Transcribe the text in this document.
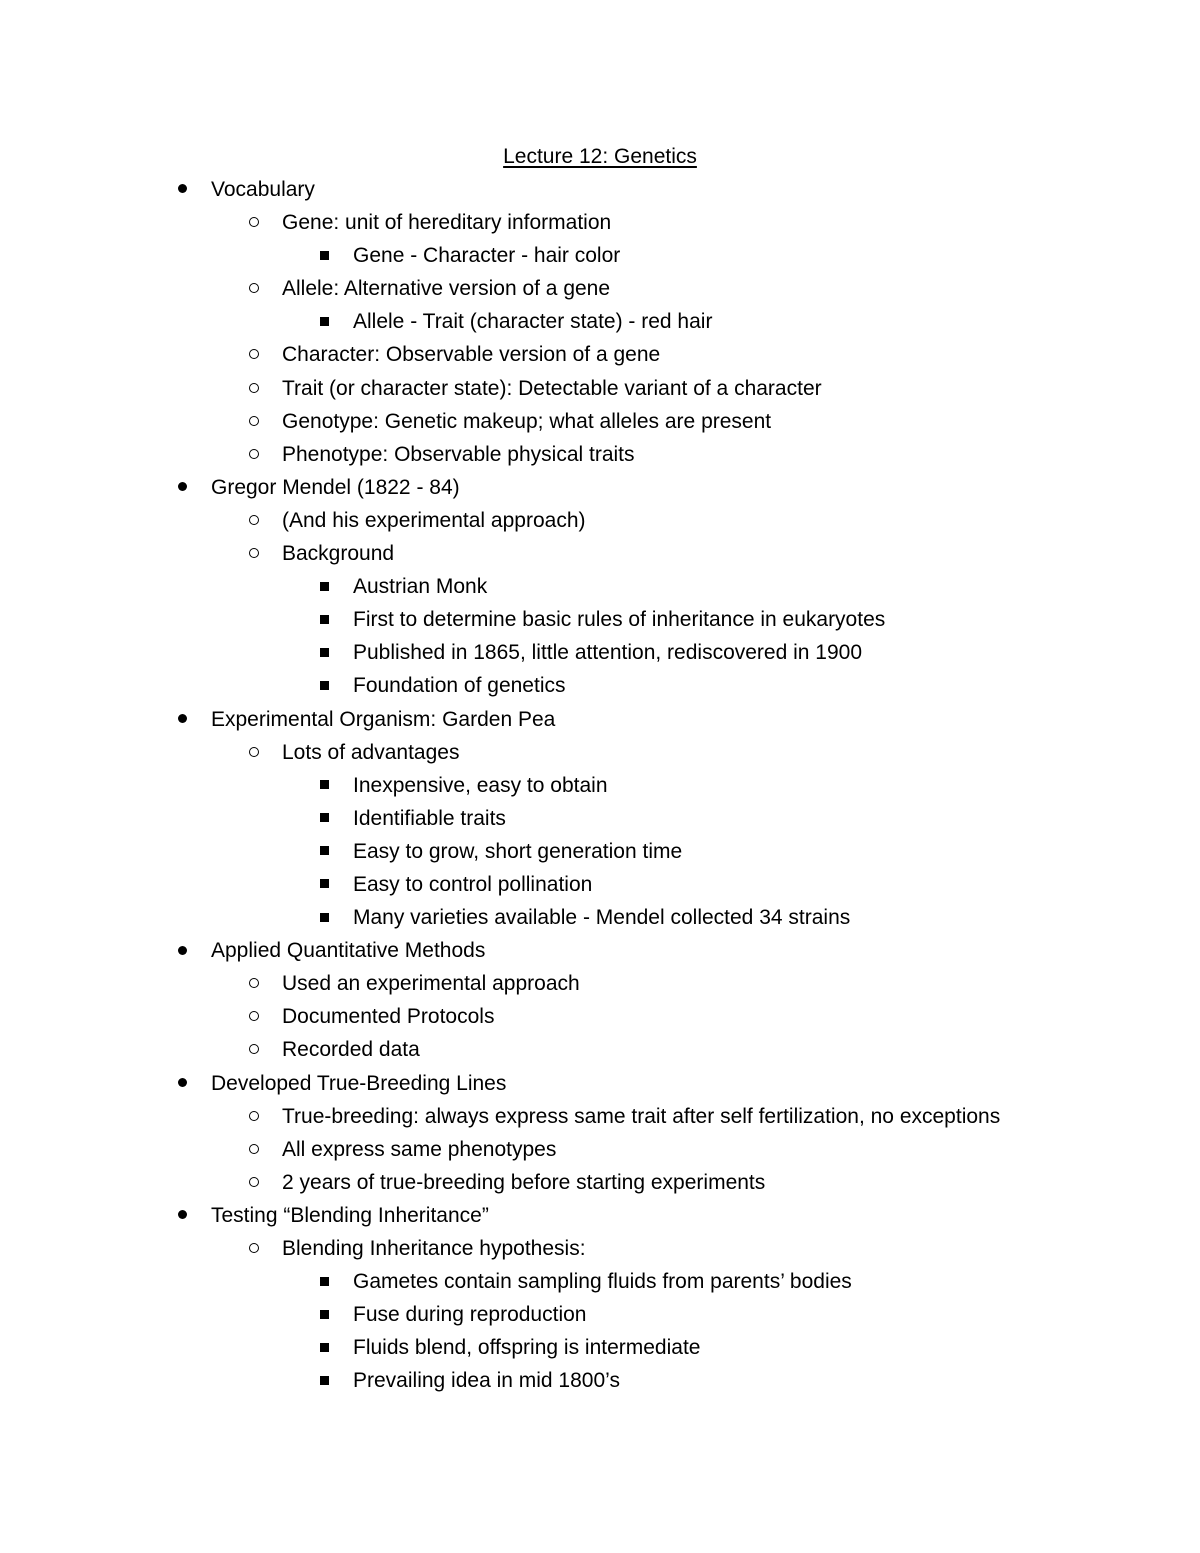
Lecture 12: Genetics
Vocabulary
Gene: unit of hereditary information
Gene - Character - hair color
Allele: Alternative version of a gene
Allele - Trait (character state) - red hair
Character: Observable version of a gene
Trait (or character state): Detectable variant of a character
Genotype: Genetic makeup; what alleles are present
Phenotype: Observable physical traits
Gregor Mendel (1822 - 84)
(And his experimental approach)
Background
Austrian Monk
First to determine basic rules of inheritance in eukaryotes
Published in 1865, little attention, rediscovered in 1900
Foundation of genetics
Experimental Organism: Garden Pea
Lots of advantages
Inexpensive, easy to obtain
Identifiable traits
Easy to grow, short generation time
Easy to control pollination
Many varieties available - Mendel collected 34 strains
Applied Quantitative Methods
Used an experimental approach
Documented Protocols
Recorded data
Developed True-Breeding Lines
True-breeding: always express same trait after self fertilization, no exceptions
All express same phenotypes
2 years of true-breeding before starting experiments
Testing “Blending Inheritance”
Blending Inheritance hypothesis:
Gametes contain sampling fluids from parents’ bodies
Fuse during reproduction
Fluids blend, offspring is intermediate
Prevailing idea in mid 1800’s
